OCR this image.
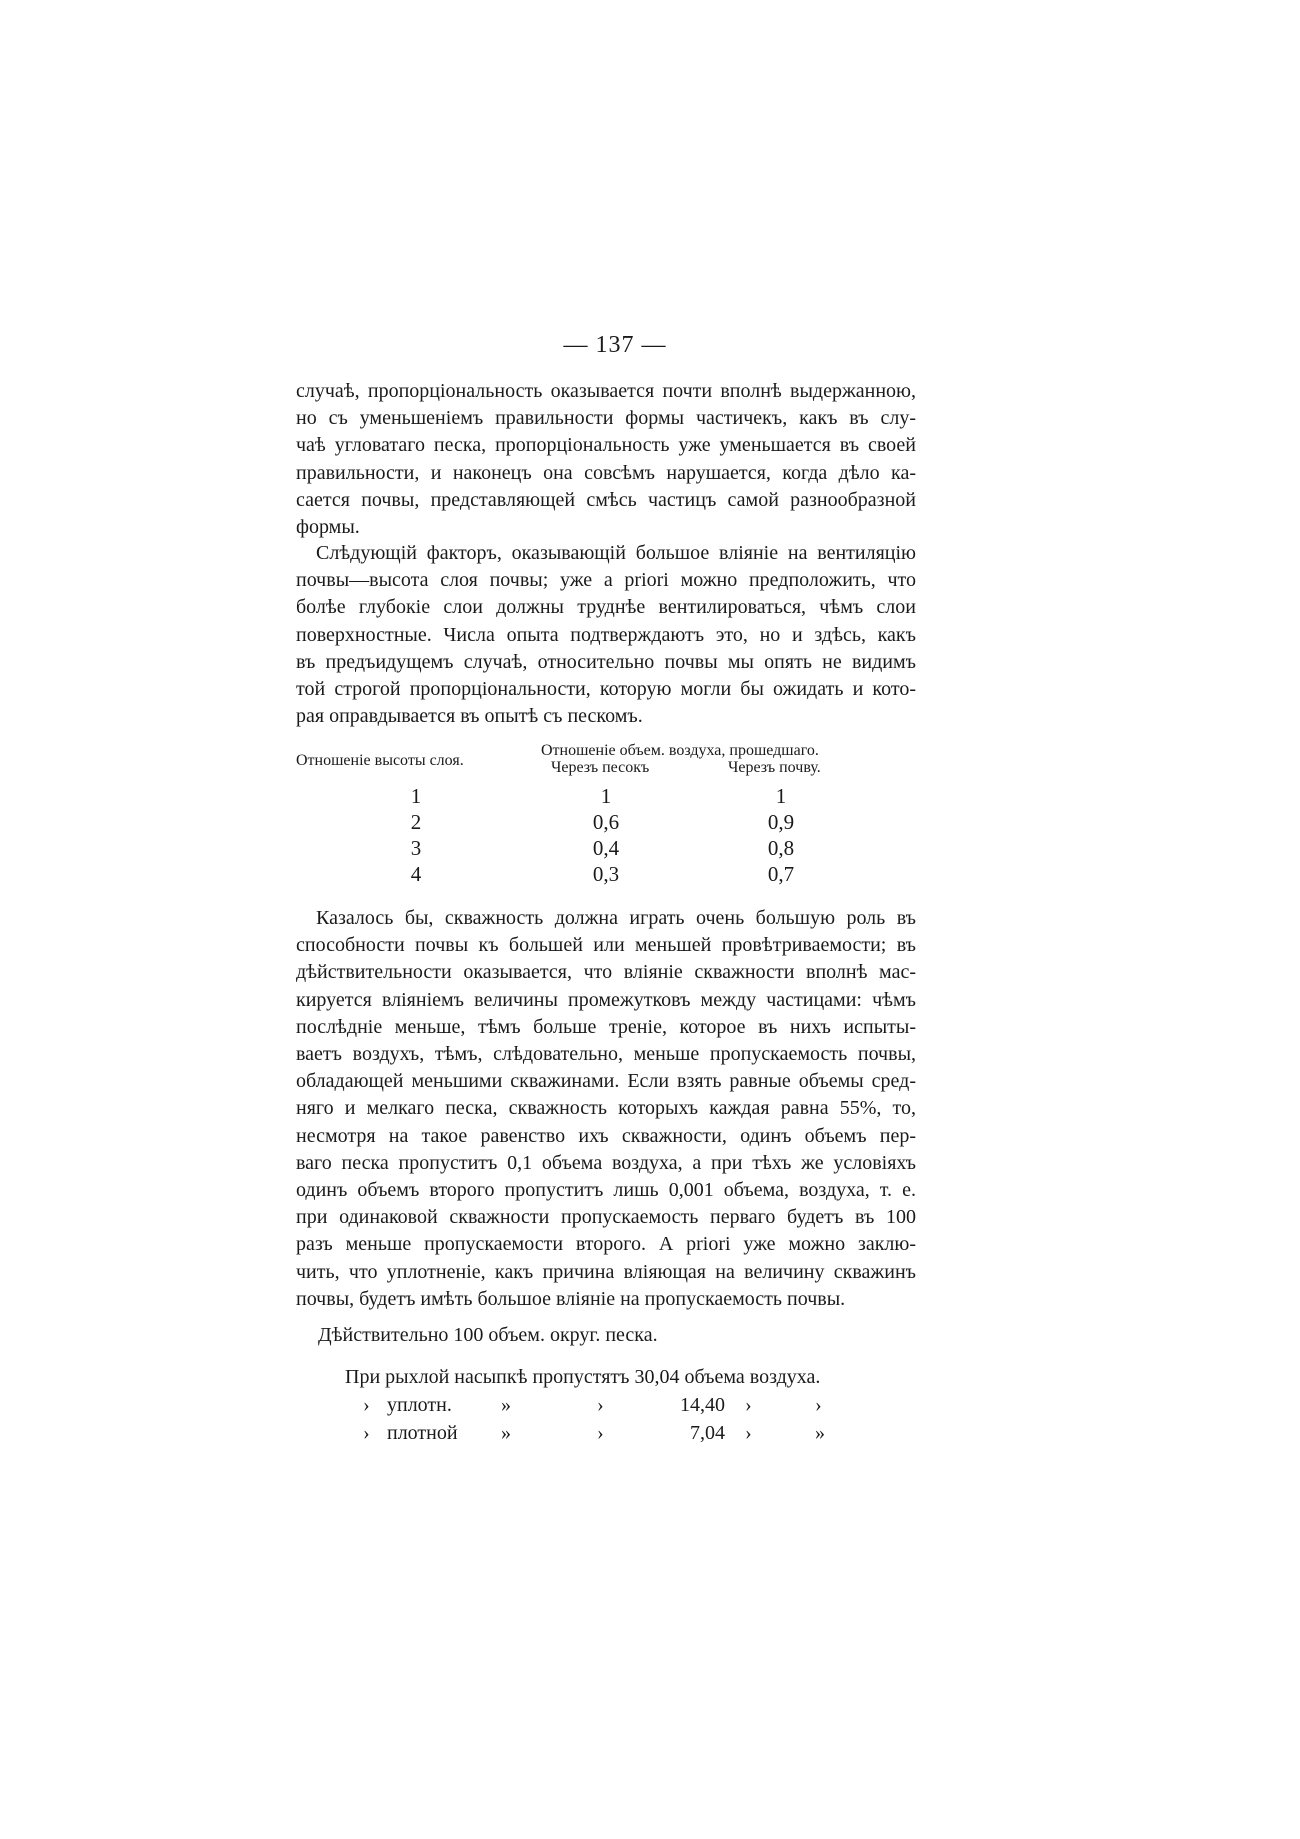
— 137 —
случаѣ, пропорціональность оказывается почти вполнѣ выдержанною,
но съ уменьшеніемъ правильности формы частичекъ, какъ въ слу-
чаѣ угловатаго песка, пропорціональность уже уменьшается въ своей
правильности, и наконецъ она совсѣмъ нарушается, когда дѣло ка-
сается почвы, представляющей смѣсь частицъ самой разнообразной
формы.
Слѣдующій факторъ, оказывающій большое вліяніе на вентиляцію
почвы—высота слоя почвы; уже a priori можно предположить, что
болѣе глубокіе слои должны труднѣе вентилироваться, чѣмъ слои
поверхностные. Числа опыта подтверждаютъ это, но и здѣсь, какъ
въ предъидущемъ случаѣ, относительно почвы мы опять не видимъ
той строгой пропорціональности, которую могли бы ожидать и кото-
рая оправдывается въ опытѣ съ пескомъ.
Отношеніе высоты слоя.
Отношеніе объем. воздуха, прошедшаго.
Черезъ песокъ	Черезъ почву.
1	1	1
2	0,6	0,9
3	0,4	0,8
4	0,3	0,7
Казалось бы, скважность должна играть очень большую роль въ
способности почвы къ большей или меньшей провѣтриваемости; въ
дѣйствительности оказывается, что вліяніе скважности вполнѣ мас-
кируется вліяніемъ величины промежутковъ между частицами: чѣмъ
послѣдніе меньше, тѣмъ больше треніе, которое въ нихъ испыты-
ваетъ воздухъ, тѣмъ, слѣдовательно, меньше пропускаемость почвы,
обладающей меньшими скважинами. Если взять равные объемы сред-
няго и мелкаго песка, скважность которыхъ каждая равна 55%, то,
несмотря на такое равенство ихъ скважности, одинъ объемъ пер-
ваго песка пропуститъ 0,1 объема воздуха, а при тѣхъ же условіяхъ
одинъ объемъ второго пропуститъ лишь 0,001 объема, воздуха, т. е.
при одинаковой скважности пропускаемость перваго будетъ въ 100
разъ меньше пропускаемости второго. А priori уже можно заклю-
чить, что уплотненіе, какъ причина вліяющая на величину скважинъ
почвы, будетъ имѣть большое вліяніе на пропускаемость почвы.
Дѣйствительно 100 объем. округ. песка.
При рыхлой насыпкѣ пропустятъ 30,04 объема воздуха.
› уплотн. »	›	14,40 ›	›
› плотной »	›	7,04 ›	»
